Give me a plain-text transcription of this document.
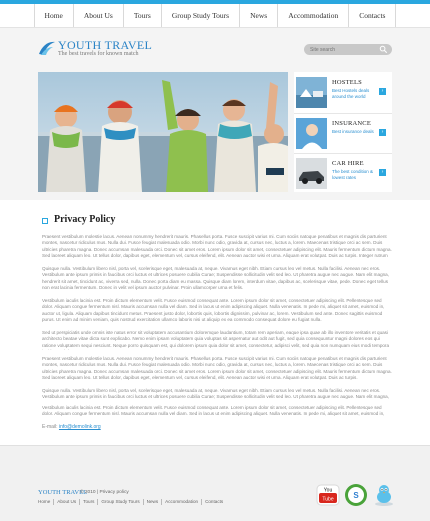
Home	About Us	Tours	Group Study Tours	News	Accommodation	Contacts
YOUTH TRAVEL
The best travels for known match
Site search
HOSTELS
Best Hostels deals around the world
›
INSURANCE
Best insurance deals	›
CAR HIRE
The best condition & lowest rates
›
Privacy Policy

Praesent vestibulum molestie lacus. Aenean nonummy hendrerit mauris. Phasellus porta. Fusce suscipit varius mi. Cum sociis natoque penatibus et magnis dis parturient montes, nascetur ridiculus mus. Nulla dui. Fusce feugiat malesuada odio. Morbi nunc odio, gravida at, cursus nec, luctus a, lorem. Maecenas tristique orci ac sem. Duis ultricies pharetra magna. Donec accumsan malesuada orci. Donec sit amet eros. Lorem ipsum dolor sit amet, consectetuer adipiscing elit. Mauris fermentum dictum magna. Sed laoreet aliquam leo. Ut tellus dolor, dapibus eget, elementum vel, cursus eleifend, elit. Aenean auctor wisi et urna. Aliquam erat volutpat. Duis ac turpis. Integer rutrum

Quisque nulla. Vestibulum libero nisl, porta vel, scelerisque eget, malesuada at, neque. Vivamus eget nibh. Etiam cursus leo vel metus. Nulla facilisi. Aenean nec eros. Vestibulum ante ipsum primis in faucibus orci luctus et ultrices posuere cubilia Curae; Suspendisse sollicitudin velit sed leo. Ut pharetra augue nec augue. Nam elit magna, hendrerit sit amet, tincidunt ac, viverra sed, nulla. Donec porta diam eu massa. Quisque diam lorem, interdum vitae, dapibus ac, scelerisque vitae, pede. Donec eget tellus non erat lacinia fermentum. Donec in velit vel ipsum auctor pulvinar. Proin ullamcorper urna et felis.

Vestibulum iaculis lacinia est. Proin dictum elementum velit. Fusce euismod consequat ante. Lorem ipsum dolor sit amet, consectetuer adipiscing elit. Pellentesque sed dolor. Aliquam congue fermentum nisl. Mauris accumsan nulla vel diam. Sed in lacus ut enim adipiscing aliquet. Nulla venenatis. In pede mi, aliquet sit amet, euismod in, auctor ut, ligula. Aliquam dapibus tincidunt metus. Praesent justo dolor, lobortis quis, lobortis dignissim, pulvinar ac, lorem. Vestibulum sed ante. Donec sagittis euismod purus. Ut enim ad minim veniam, quis nostrud exercitation ullamco laboris nisi ut aliquip ex ea commodo consequat dolore eu fugiat nulla.

Sed ut perspiciatis unde omnis iste natus error sit voluptatem accusantium doloremque laudantium, totam rem aperiam, eaque ipsa quae ab illo inventore veritatis et quasi architecto beatae vitae dicta sunt explicabo. Nemo enim ipsam voluptatem quia voluptas sit aspernatur aut odit aut fugit, sed quia consequuntur magni dolores eos qui ratione voluptatem sequi nesciunt. Neque porro quisquam est, qui dolorem ipsum quia dolor sit amet, consectetur, adipisci velit, sed quia non numquam eius modi tempora

Praesent vestibulum molestie lacus. Aenean nonummy hendrerit mauris. Phasellus porta. Fusce suscipit varius mi. Cum sociis natoque penatibus et magnis dis parturient montes, nascetur ridiculus mus. Nulla dui. Fusce feugiat malesuada odio. Morbi nunc odio, gravida at, cursus nec, luctus a, lorem. Maecenas tristique orci ac sem. Duis ultricies pharetra magna. Donec accumsan malesuada orci. Donec sit amet eros. Lorem ipsum dolor sit amet, consectetuer adipiscing elit. Mauris fermentum dictum magna. Sed laoreet aliquam leo. Ut tellus dolor, dapibus eget, elementum vel, cursus eleifend, elit. Aenean auctor wisi et urna. Aliquam erat volutpat. Duis ac turpis.

Quisque nulla. Vestibulum libero nisl, porta vel, scelerisque eget, malesuada at, neque. Vivamus eget nibh. Etiam cursus leo vel metus. Nulla facilisi. Aenean nec eros. Vestibulum ante ipsum primis in faucibus orci luctus et ultrices posuere cubilia Curae; Suspendisse sollicitudin velit sed leo. Ut pharetra augue nec augue. Nam elit magna,

Vestibulum iaculis lacinia est. Proin dictum elementum velit. Fusce euismod consequat ante. Lorem ipsum dolor sit amet, consectetuer adipiscing elit. Pellentesque sed dolor. Aliquam congue fermentum nisl. Mauris accumsan nulla vel diam. Sed in lacus ut enim adipiscing aliquet. Nulla venenatis. In pede mi, aliquet sit amet, euismod in,

E-mail: info@demolink.org
YOUTH TRAVEL
© 2010 | Privacy policy
Home	About Us	Tours	Group Study Tours	News	Accommodation	Contacts
You
Tube S
